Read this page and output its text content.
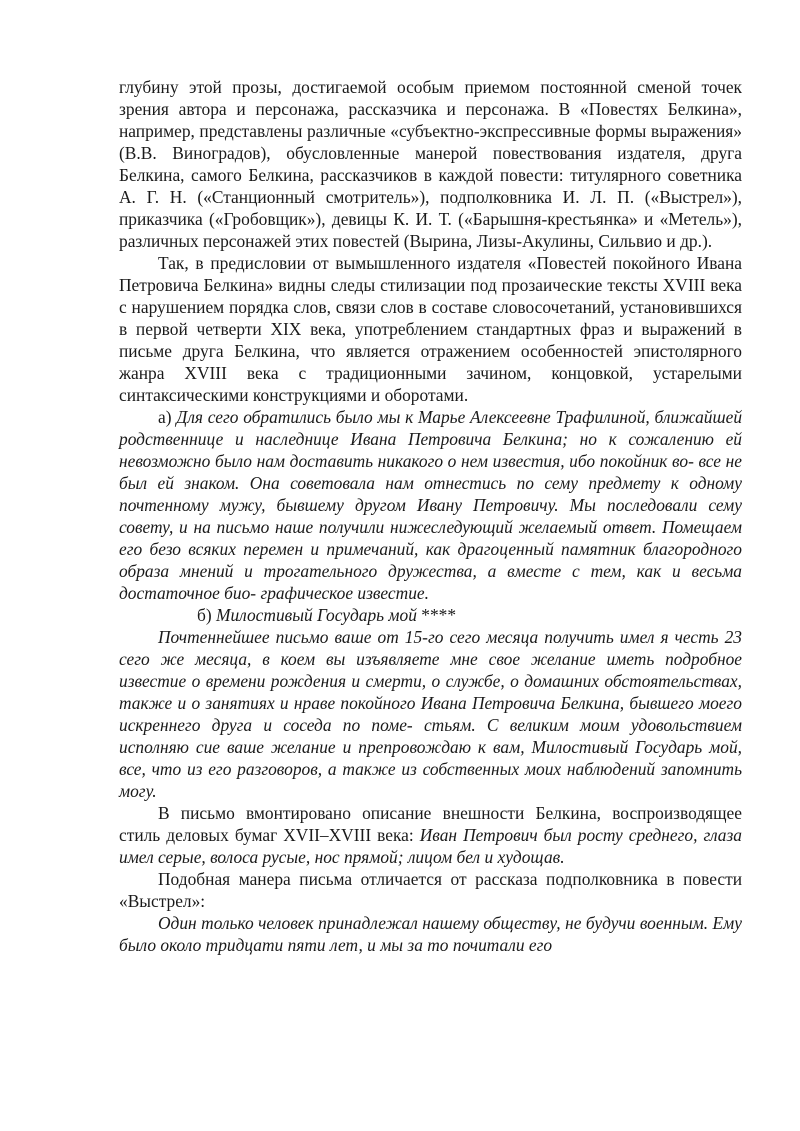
глубину этой прозы, достигаемой особым приемом постоянной сменой точек зрения автора и персонажа, рассказчика и персонажа. В «Повестях Белкина», например, представлены различные «субъектно-экспрессивные формы выражения» (В.В. Виноградов), обусловленные манерой повествования издателя, друга Белкина, самого Белкина, рассказчиков в каждой повести: титулярного советника А. Г. Н. («Станционный смотритель»), подполковника И. Л. П. («Выстрел»), приказчика («Гробовщик»), девицы К. И. Т. («Барышня-крестьянка» и «Метель»), различных персонажей этих повестей (Вырина, Лизы-Акулины, Сильвио и др.).

Так, в предисловии от вымышленного издателя «Повестей покойного Ивана Петровича Белкина» видны следы стилизации под прозаические тексты XVIII века с нарушением порядка слов, связи слов в составе словосочетаний, установившихся в первой четверти XIX века, употреблением стандартных фраз и выражений в письме друга Белкина, что является отражением особенностей эпистолярного жанра XVIII века с традиционными зачином, концовкой, устарелыми синтаксическими конструкциями и оборотами.

а) Для сего обратились было мы к Марье Алексеевне Трафилиной, ближайшей родственнице и наследнице Ивана Петровича Белкина; но к сожалению ей невозможно было нам доставить никакого о нем известия, ибо покойник во- все не был ей знаком. Она советовала нам отнестись по сему предмету к одному почтенному мужу, бывшему другом Ивану Петровичу. Мы последовали сему совету, и на письмо наше получили нижеследующий желаемый ответ. Помещаем его безо всяких перемен и примечаний, как драгоценный памятник благородного образа мнений и трогательного дружества, а вместе с тем, как и весьма достаточное био- графическое известие.

б) Милостивый Государь мой ****

Почтеннейшее письмо ваше от 15-го сего месяца получить имел я честь 23 сего же месяца, в коем вы изъявляете мне свое желание иметь подробное известие о времени рождения и смерти, о службе, о домашних обстоятельствах, также и о занятиях и нраве покойного Ивана Петровича Белкина, бывшего моего искреннего друга и соседа по поме- стьям. С великим моим удовольствием исполняю сие ваше желание и препровождаю к вам, Милостивый Государь мой, все, что из его разговоров, а также из собственных моих наблюдений запомнить могу.

В письмо вмонтировано описание внешности Белкина, воспроизводящее стиль деловых бумаг XVII–XVIII века: Иван Петрович был росту среднего, глаза имел серые, волоса русые, нос прямой; лицом бел и худощав.

Подобная манера письма отличается от рассказа подполковника в повести «Выстрел»:

Один только человек принадлежал нашему обществу, не будучи военным. Ему было около тридцати пяти лет, и мы за то почитали его
